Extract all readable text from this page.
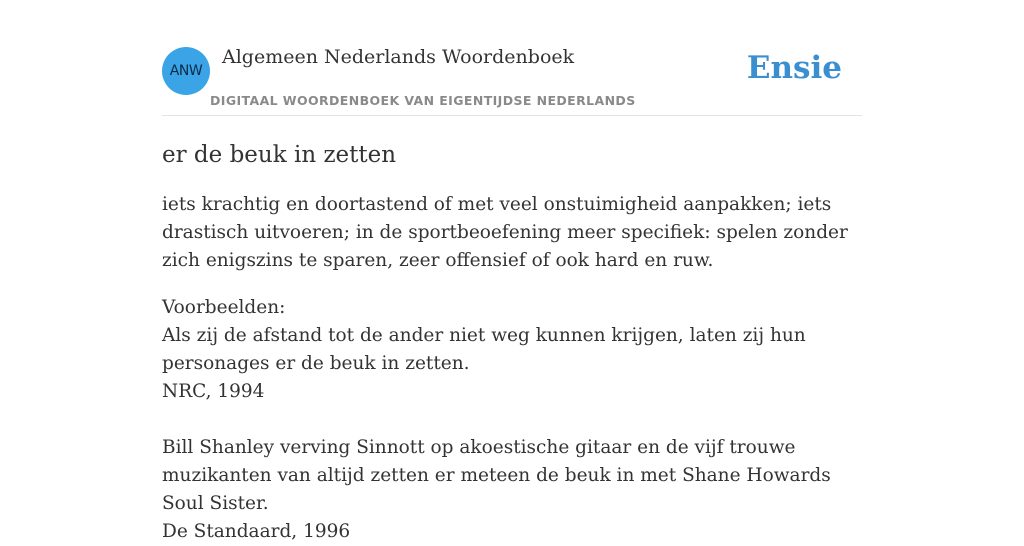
ANW
Algemeen Nederlands Woordenboek
DIGITAAL WOORDENBOEK VAN EIGENTIJDSE NEDERLANDS
Ensie
er de beuk in zetten

iets krachtig en doortastend of met veel onstuimigheid aanpakken; iets drastisch uitvoeren; in de sportbeoefening meer specifiek: spelen zonder zich enigszins te sparen, zeer offensief of ook hard en ruw.

Voorbeelden:
Als zij de afstand tot de ander niet weg kunnen krijgen, laten zij hun personages er de beuk in zetten.
NRC, 1994
Bill Shanley verving Sinnott op akoestische gitaar en de vijf trouwe muzikanten van altijd zetten er meteen de beuk in met Shane Howards Soul Sister.
De Standaard, 1996
